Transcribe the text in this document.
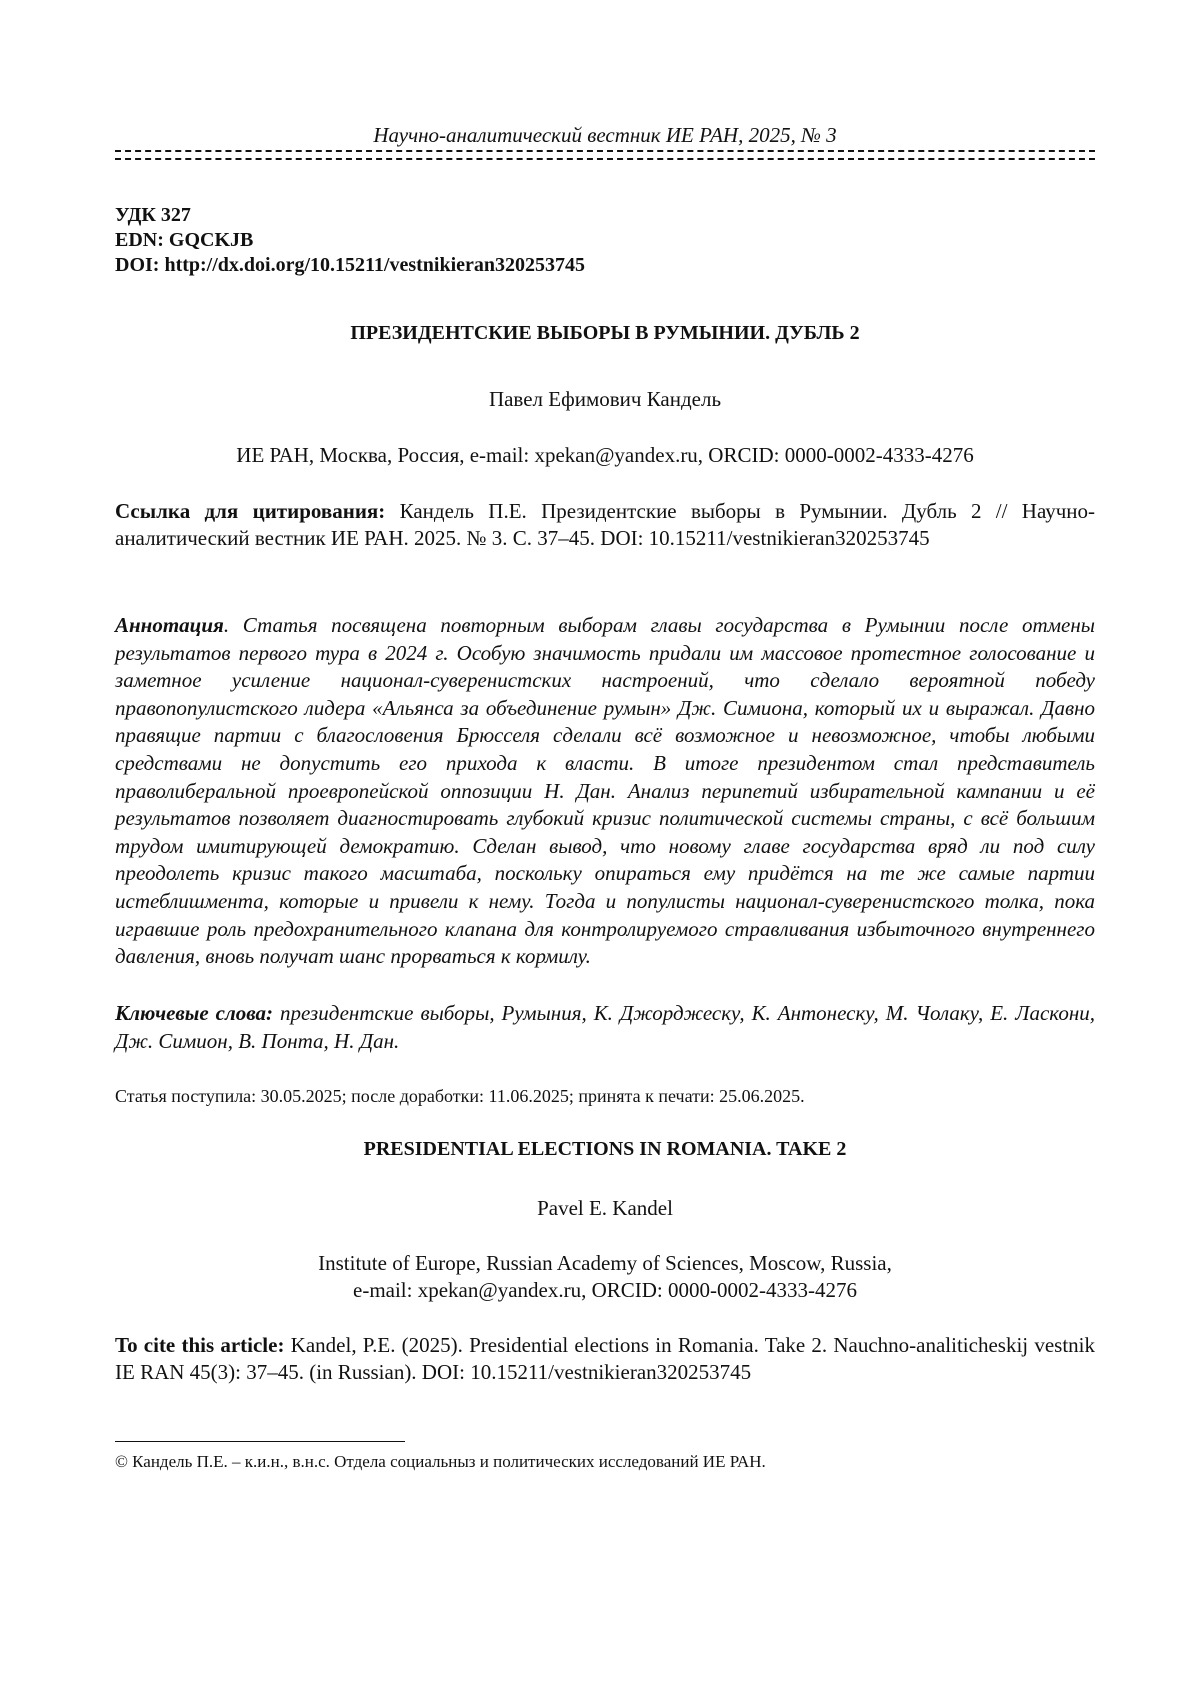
Научно-аналитический вестник ИЕ РАН, 2025, № 3
УДК 327
EDN: GQCKJB
DOI: http://dx.doi.org/10.15211/vestnikieran320253745
ПРЕЗИДЕНТСКИЕ ВЫБОРЫ В РУМЫНИИ. ДУБЛЬ 2
Павел Ефимович Кандель
ИЕ РАН, Москва, Россия, e-mail: xpekan@yandex.ru, ORCID: 0000-0002-4333-4276
Ссылка для цитирования: Кандель П.Е. Президентские выборы в Румынии. Дубль 2 // Научно-аналитический вестник ИЕ РАН. 2025. № 3. С. 37–45. DOI: 10.15211/vestnikieran320253745
Аннотация. Статья посвящена повторным выборам главы государства в Румынии после отмены результатов первого тура в 2024 г. Особую значимость придали им массовое протестное голосование и заметное усиление национал-суверенистских настроений, что сделало вероятной победу правопопулистского лидера «Альянса за объединение румын» Дж. Симиона, который их и выражал. Давно правящие партии с благословения Брюсселя сделали всё возможное и невозможное, чтобы любыми средствами не допустить его прихода к власти. В итоге президентом стал представитель праволиберальной проевропейской оппозиции Н. Дан. Анализ перипетий избирательной кампании и её результатов позволяет диагностировать глубокий кризис политической системы страны, с всё большим трудом имитирующей демократию. Сделан вывод, что новому главе государства вряд ли под силу преодолеть кризис такого масштаба, поскольку опираться ему придётся на те же самые партии истеблишмента, которые и привели к нему. Тогда и популисты национал-суверенистского толка, пока игравшие роль предохранительного клапана для контролируемого стравливания избыточного внутреннего давления, вновь получат шанс прорваться к кормилу.
Ключевые слова: президентские выборы, Румыния, К. Джорджеску, К. Антонеску, М. Чолаку, Е. Ласкони, Дж. Симион, В. Понта, Н. Дан.
Статья поступила: 30.05.2025; после доработки: 11.06.2025; принята к печати: 25.06.2025.
PRESIDENTIAL ELECTIONS IN ROMANIA. TAKE 2
Pavel E. Kandel
Institute of Europe, Russian Academy of Sciences, Moscow, Russia,
e-mail: xpekan@yandex.ru, ORCID: 0000-0002-4333-4276
To cite this article: Kandel, P.E. (2025). Presidential elections in Romania. Take 2. Nauchno-analiticheskij vestnik IE RAN 45(3): 37–45. (in Russian). DOI: 10.15211/vestnikieran320253745
© Кандель П.Е. – к.и.н., в.н.с. Отдела социальныз и политических исследований ИЕ РАН.
